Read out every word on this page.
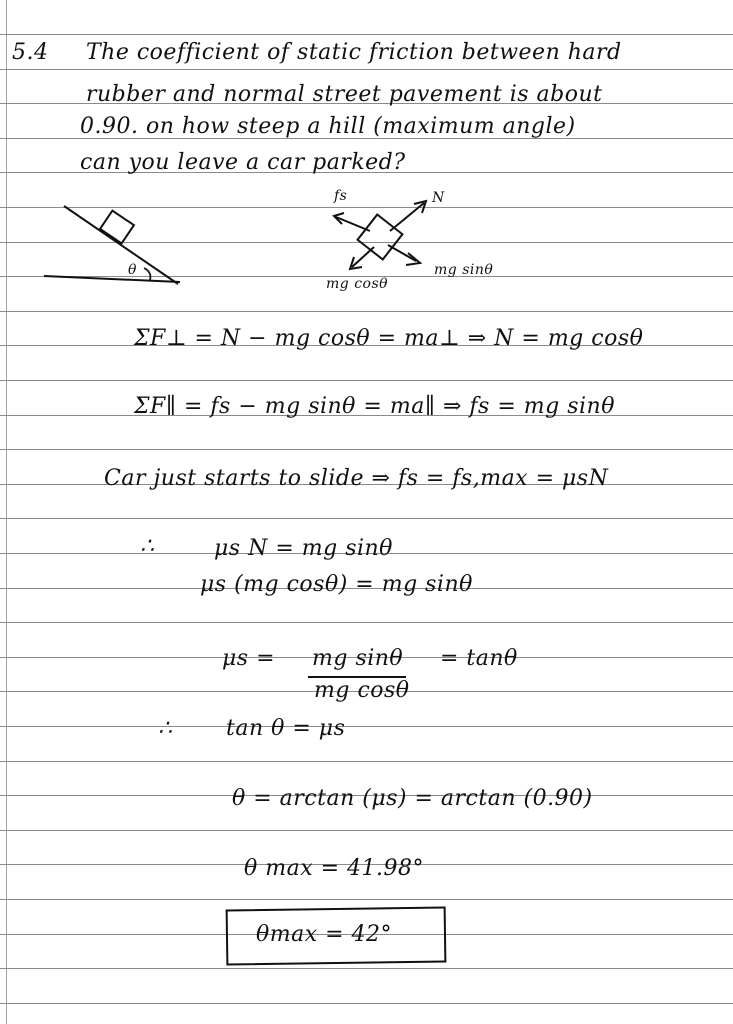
5.4 The coefficient of static friction between hard
rubber and normal street pavement is about
0.90. on how steep a hill (maximum angle)
can you leave a car parked?
θ
fs	N
mg cosθ
mg sinθ
ΣF⊥ = N − mg cosθ = ma⊥ ⇒ N = mg cosθ
ΣF∥ = fs − mg sinθ = ma∥ ⇒ fs = mg sinθ
Car just starts to slide ⇒ fs = fs,max = μsN
∴	μs N = mg sinθ
μs (mg cosθ) = mg sinθ
μs = mg sinθ
mg cosθ
= tanθ
∴ tan θ = μs
θ = arctan (μs) = arctan (0.90)
θ max = 41.98°
θmax = 42°
